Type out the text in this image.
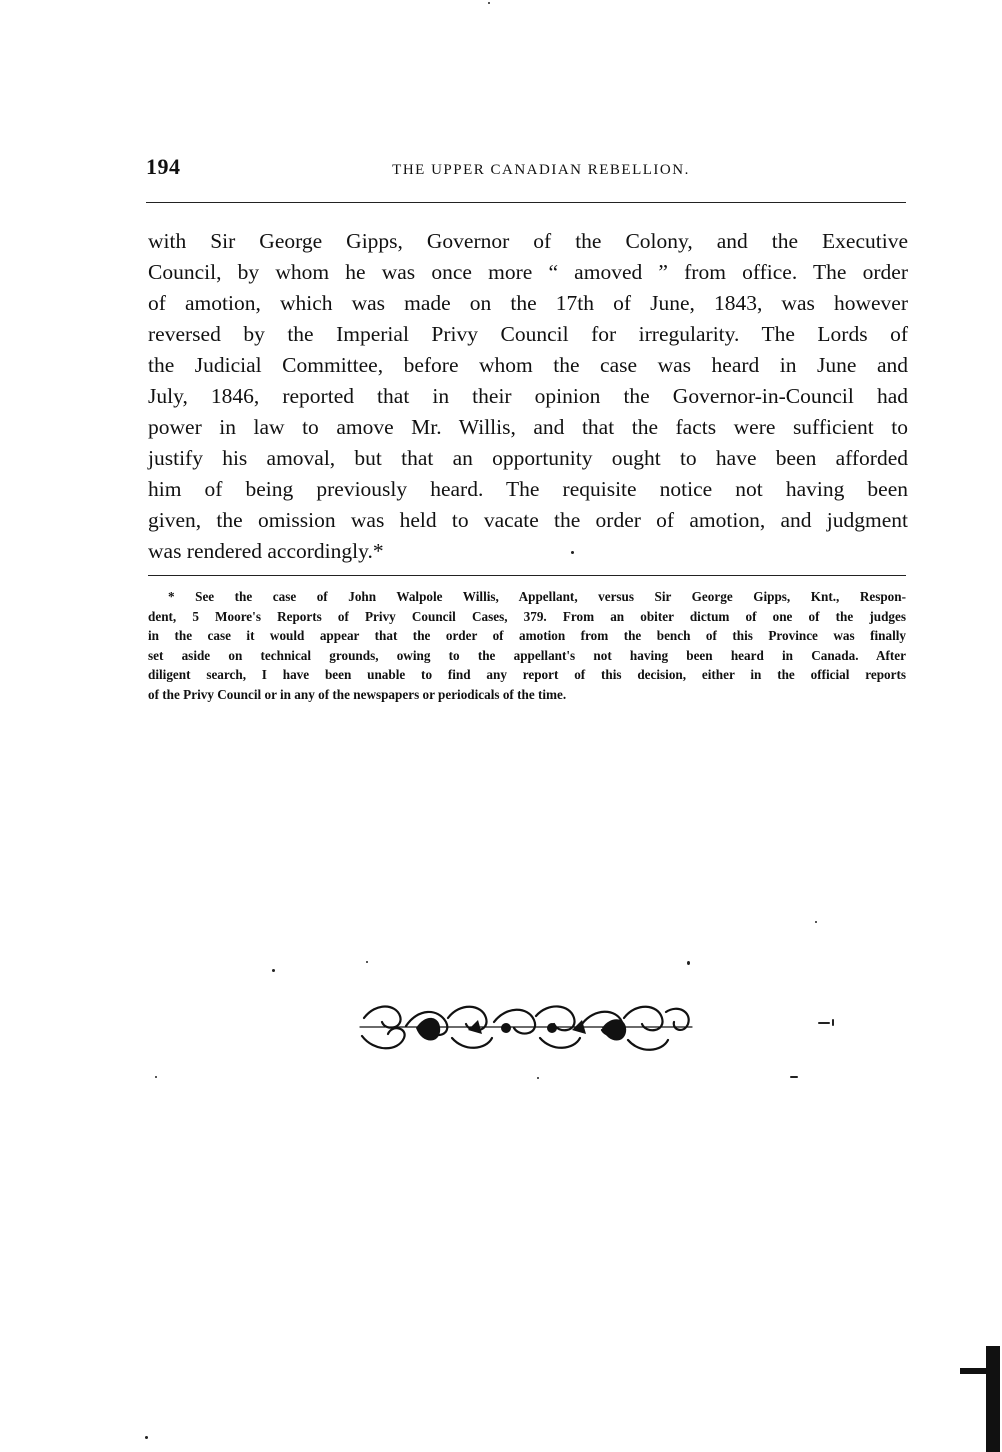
194	THE UPPER CANADIAN REBELLION.
with Sir George Gipps, Governor of the Colony, and the Executive
Council, by whom he was once more “ amoved ” from office. The order
of amotion, which was made on the 17th of June, 1843, was however
reversed by the Imperial Privy Council for irregularity. The Lords of
the Judicial Committee, before whom the case was heard in June and
July, 1846, reported that in their opinion the Governor-in-Council had
power in law to amove Mr. Willis, and that the facts were sufficient to
justify his amoval, but that an opportunity ought to have been afforded
him of being previously heard. The requisite notice not having been
given, the omission was held to vacate the order of amotion, and judgment
was rendered accordingly.*
* See the case of John Walpole Willis, Appellant, versus Sir George Gipps, Knt., Respon-
dent, 5 Moore's Reports of Privy Council Cases, 379. From an obiter dictum of one of the judges
in the case it would appear that the order of amotion from the bench of this Province was finally
set aside on technical grounds, owing to the appellant's not having been heard in Canada. After
diligent search, I have been unable to find any report of this decision, either in the official reports
of the Privy Council or in any of the newspapers or periodicals of the time.
